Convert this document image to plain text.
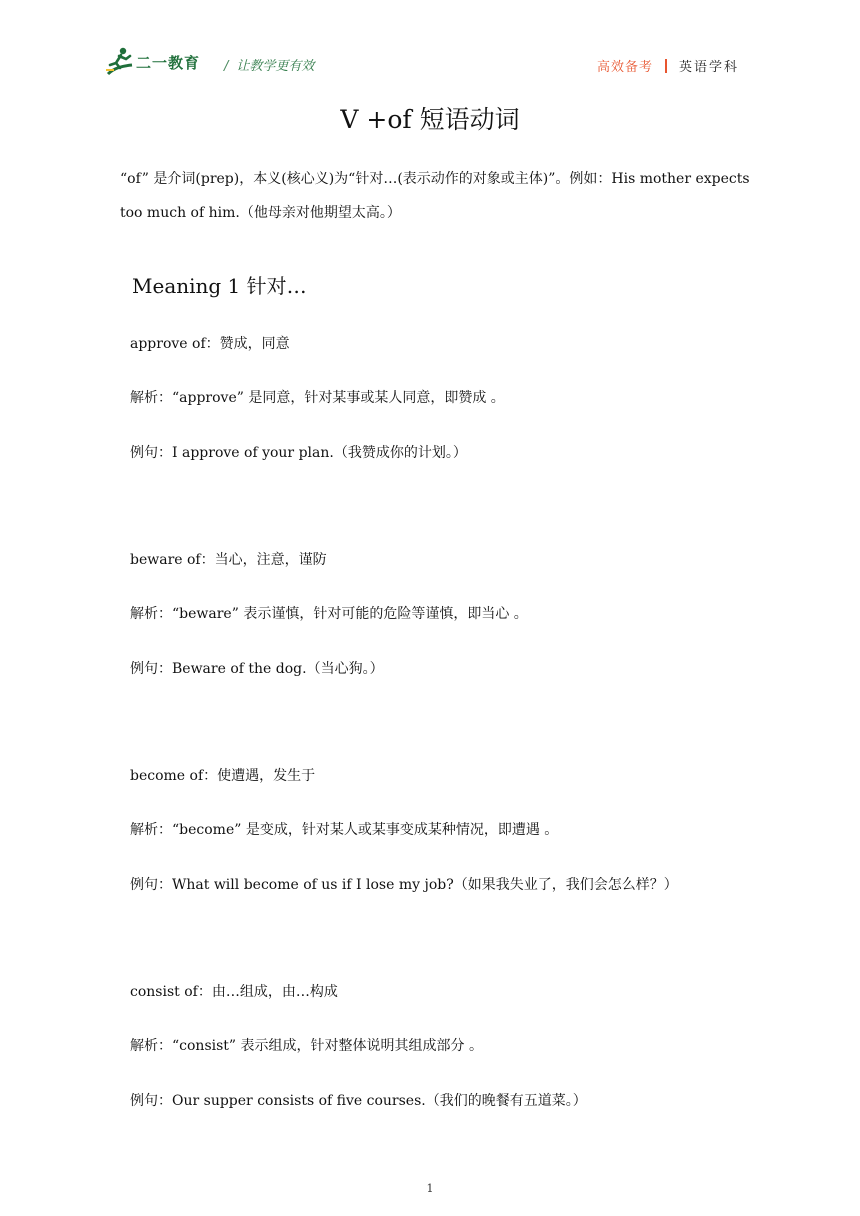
二一教育 / 让教学更有效	高效备考 英语学科
V +of 短语动词
“of” 是介词(prep)，本义(核心义)为“针对…(表示动作的对象或主体)”。例如：His mother expects too much of him.（他母亲对他期望太高。）
Meaning 1 针对…
approve of：赞成，同意
解析：“approve” 是同意，针对某事或某人同意，即赞成 。
例句：I approve of your plan.（我赞成你的计划。）
beware of：当心，注意，谨防
解析：“beware” 表示谨慎，针对可能的危险等谨慎，即当心 。
例句：Beware of the dog.（当心狗。）
become of：使遭遇，发生于
解析：“become” 是变成，针对某人或某事变成某种情况，即遭遇 。
例句：What will become of us if I lose my job?（如果我失业了，我们会怎么样？）
consist of：由…组成，由…构成
解析：“consist” 表示组成，针对整体说明其组成部分 。
例句：Our supper consists of five courses.（我们的晚餐有五道菜。）
1
